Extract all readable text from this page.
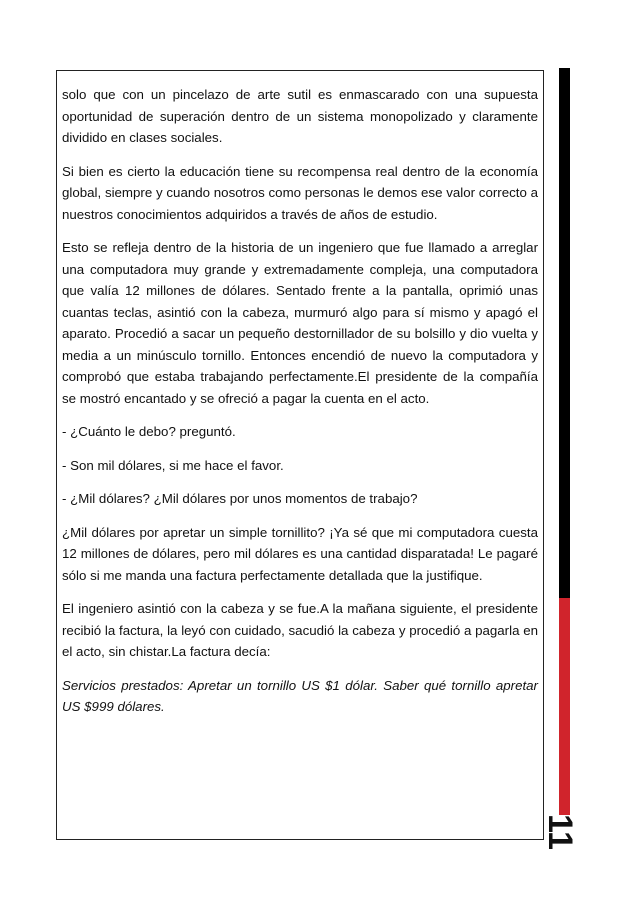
solo que con un pincelazo de arte sutil es enmascarado con una supuesta oportunidad de superación dentro de un sistema monopolizado y claramente dividido en clases sociales.

Si bien es cierto la educación tiene su recompensa real dentro de la economía global, siempre y cuando nosotros como personas le demos ese valor correcto a nuestros conocimientos adquiridos a través de años de estudio.

Esto se refleja dentro de la historia de un ingeniero que fue llamado a arreglar una computadora muy grande y extremadamente compleja, una computadora que valía 12 millones de dólares. Sentado frente a la pantalla, oprimió unas cuantas teclas, asintió con la cabeza, murmuró algo para sí mismo y apagó el aparato. Procedió a sacar un pequeño destornillador de su bolsillo y dio vuelta y media a un minúsculo tornillo. Entonces encendió de nuevo la computadora y comprobó que estaba trabajando perfectamente.El presidente de la compañía se mostró encantado y se ofreció a pagar la cuenta en el acto.

- ¿Cuánto le debo? preguntó.

- Son mil dólares, si me hace el favor.

- ¿Mil dólares? ¿Mil dólares por unos momentos de trabajo?

¿Mil dólares por apretar un simple tornillito? ¡Ya sé que mi computadora cuesta 12 millones de dólares, pero mil dólares es una cantidad disparatada! Le pagaré sólo si me manda una factura perfectamente detallada que la justifique.

El ingeniero asintió con la cabeza y se fue.A la mañana siguiente, el presidente recibió la factura, la leyó con cuidado, sacudió la cabeza y procedió a pagarla en el acto, sin chistar.La factura decía:

Servicios prestados: Apretar un tornillo US $1 dólar. Saber qué tornillo apretar US $999 dólares.

11
